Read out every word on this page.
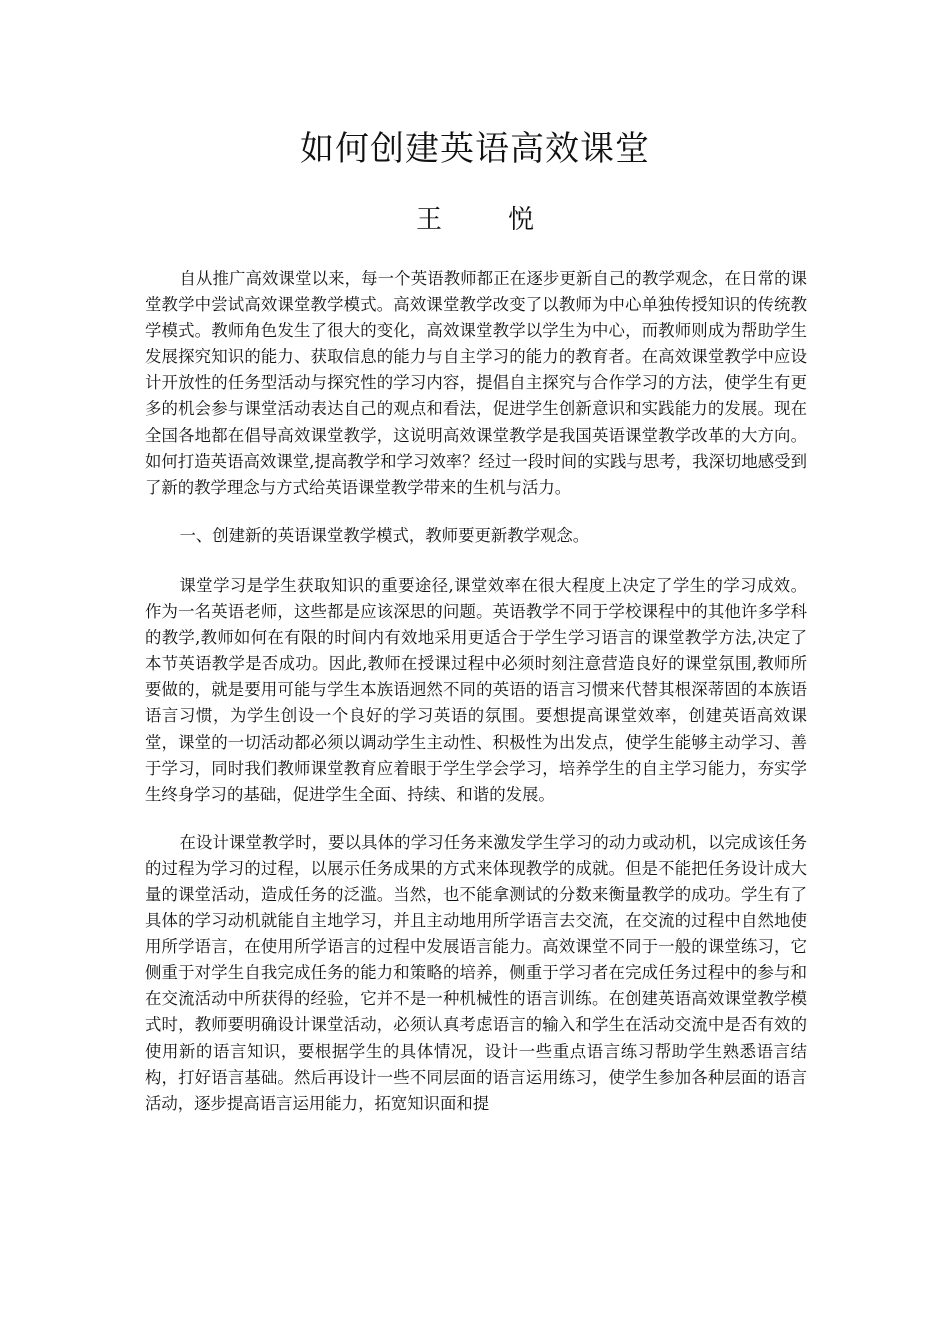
如何创建英语高效课堂
王　悦

自从推广高效课堂以来，每一个英语教师都正在逐步更新自己的教学观念，在日常的课堂教学中尝试高效课堂教学模式。高效课堂教学改变了以教师为中心单独传授知识的传统教学模式。教师角色发生了很大的变化，高效课堂教学以学生为中心，而教师则成为帮助学生发展探究知识的能力、获取信息的能力与自主学习的能力的教育者。在高效课堂教学中应设计开放性的任务型活动与探究性的学习内容，提倡自主探究与合作学习的方法，使学生有更多的机会参与课堂活动表达自己的观点和看法，促进学生创新意识和实践能力的发展。现在全国各地都在倡导高效课堂教学，这说明高效课堂教学是我国英语课堂教学改革的大方向。如何打造英语高效课堂,提高教学和学习效率？经过一段时间的实践与思考，我深切地感受到了新的教学理念与方式给英语课堂教学带来的生机与活力。

一、创建新的英语课堂教学模式，教师要更新教学观念。

课堂学习是学生获取知识的重要途径,课堂效率在很大程度上决定了学生的学习成效。作为一名英语老师，这些都是应该深思的问题。英语教学不同于学校课程中的其他许多学科的教学,教师如何在有限的时间内有效地采用更适合于学生学习语言的课堂教学方法,决定了本节英语教学是否成功。因此,教师在授课过程中必须时刻注意营造良好的课堂氛围,教师所要做的，就是要用可能与学生本族语迥然不同的英语的语言习惯来代替其根深蒂固的本族语语言习惯，为学生创设一个良好的学习英语的氛围。要想提高课堂效率，创建英语高效课堂，课堂的一切活动都必须以调动学生主动性、积极性为出发点，使学生能够主动学习、善于学习，同时我们教师课堂教育应着眼于学生学会学习，培养学生的自主学习能力，夯实学生终身学习的基础，促进学生全面、持续、和谐的发展。

在设计课堂教学时，要以具体的学习任务来激发学生学习的动力或动机，以完成该任务的过程为学习的过程，以展示任务成果的方式来体现教学的成就。但是不能把任务设计成大量的课堂活动，造成任务的泛滥。当然，也不能拿测试的分数来衡量教学的成功。学生有了具体的学习动机就能自主地学习，并且主动地用所学语言去交流，在交流的过程中自然地使用所学语言，在使用所学语言的过程中发展语言能力。高效课堂不同于一般的课堂练习，它侧重于对学生自我完成任务的能力和策略的培养，侧重于学习者在完成任务过程中的参与和在交流活动中所获得的经验，它并不是一种机械性的语言训练。在创建英语高效课堂教学模式时，教师要明确设计课堂活动，必须认真考虑语言的输入和学生在活动交流中是否有效的使用新的语言知识，要根据学生的具体情况，设计一些重点语言练习帮助学生熟悉语言结构，打好语言基础。然后再设计一些不同层面的语言运用练习，使学生参加各种层面的语言活动，逐步提高语言运用能力，拓宽知识面和提
